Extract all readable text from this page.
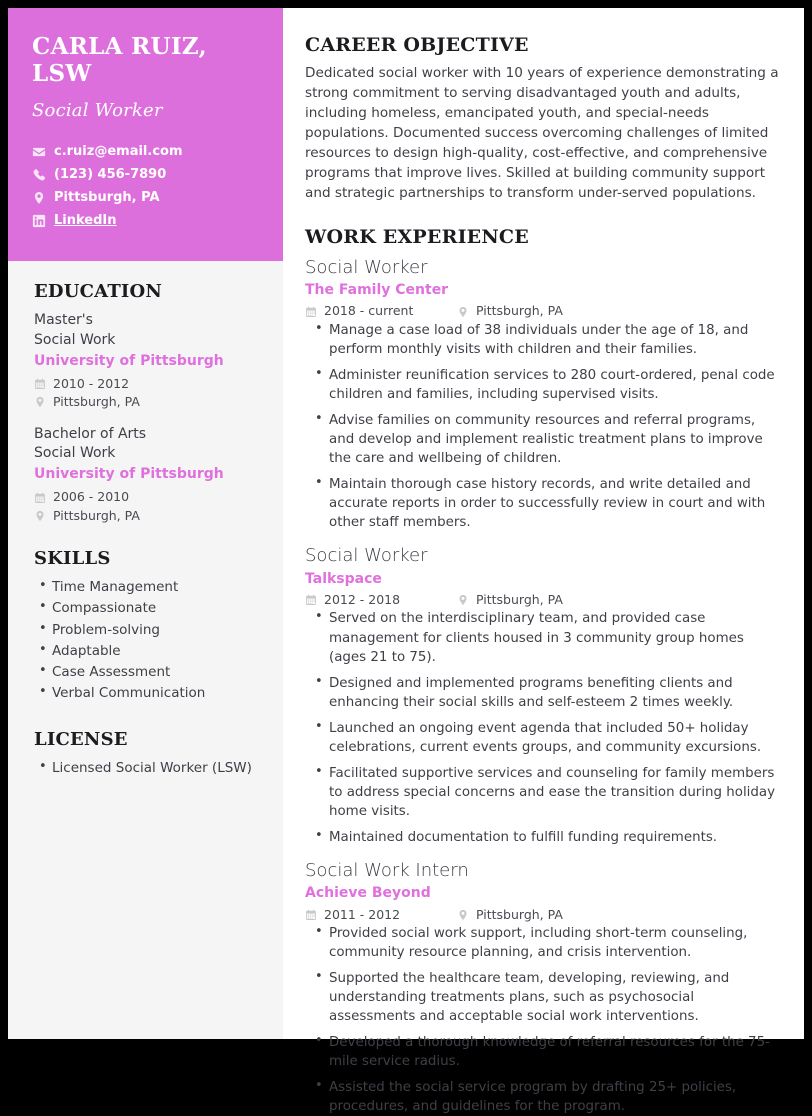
CARLA RUIZ, LSW
Social Worker
c.ruiz@email.com
(123) 456-7890
Pittsburgh, PA
LinkedIn
EDUCATION
Master's
Social Work
University of Pittsburgh
2010 - 2012
Pittsburgh, PA
Bachelor of Arts
Social Work
University of Pittsburgh
2006 - 2010
Pittsburgh, PA
SKILLS
• Time Management
• Compassionate
• Problem-solving
• Adaptable
• Case Assessment
• Verbal Communication
LICENSE
• Licensed Social Worker (LSW)
CAREER OBJECTIVE

Dedicated social worker with 10 years of experience demonstrating a strong commitment to serving disadvantaged youth and adults, including homeless, emancipated youth, and special-needs populations. Documented success overcoming challenges of limited resources to design high-quality, cost-effective, and comprehensive programs that improve lives. Skilled at building community support and strategic partnerships to transform under-served populations.

WORK EXPERIENCE
Social Worker
The Family Center
2018 - current	Pittsburgh, PA
• Manage a case load of 38 individuals under the age of 18, and perform monthly visits with children and their families.
• Administer reunification services to 280 court-ordered, penal code children and families, including supervised visits.
• Advise families on community resources and referral programs, and develop and implement realistic treatment plans to improve the care and wellbeing of children.
• Maintain thorough case history records, and write detailed and accurate reports in order to successfully review in court and with other staff members.
Social Worker
Talkspace
2012 - 2018	Pittsburgh, PA
• Served on the interdisciplinary team, and provided case management for clients housed in 3 community group homes (ages 21 to 75).
• Designed and implemented programs benefiting clients and enhancing their social skills and self-esteem 2 times weekly.
• Launched an ongoing event agenda that included 50+ holiday celebrations, current events groups, and community excursions.
• Facilitated supportive services and counseling for family members to address special concerns and ease the transition during holiday home visits.
• Maintained documentation to fulfill funding requirements.
Social Work Intern
Achieve Beyond
2011 - 2012	Pittsburgh, PA
• Provided social work support, including short-term counseling, community resource planning, and crisis intervention.
• Supported the healthcare team, developing, reviewing, and understanding treatments plans, such as psychosocial assessments and acceptable social work interventions.
• Developed a thorough knowledge of referral resources for the 75-mile service radius.
• Assisted the social service program by drafting 25+ policies, procedures, and guidelines for the program.
